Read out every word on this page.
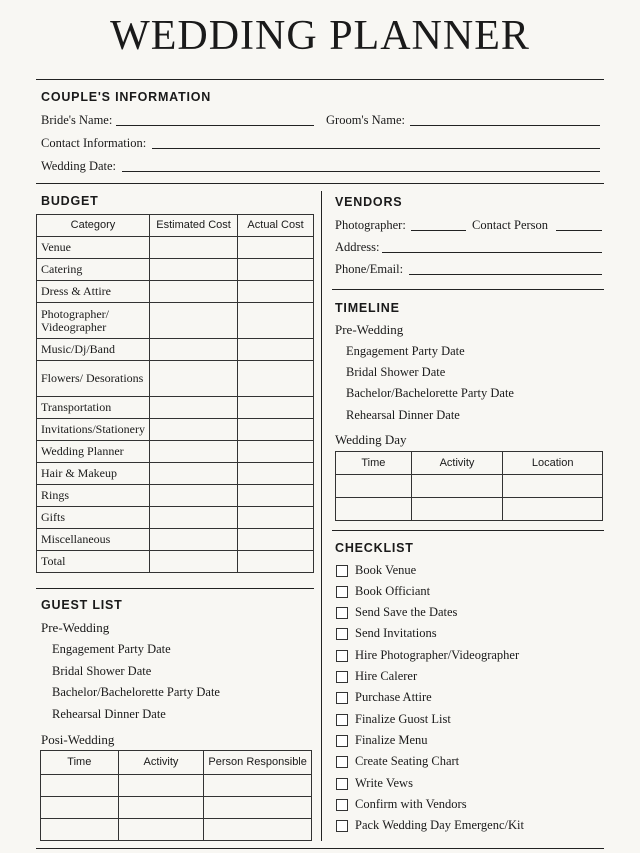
WEDDING PLANNER
COUPLE'S INFORMATION
Bride's Name:	Groom's Name:
Contact Information:
Wedding Date:
BUDGET
Category	Estimated Cost	Actual Cost
Venue		
Catering		
Dress & Attire		
Photographer/ Videographer		
Music/Dj/Band		
Flowers/ Desorations		
Transportation		
Invitations/Stationery		
Wedding Planner		
Hair & Makeup		
Rings		
Gifts		
Miscellaneous		
Total		
GUEST LIST
Pre-Wedding
Engagement Party Date
Bridal Shower Date
Bachelor/Bachelorette Party Date
Rehearsal Dinner Date
Posi-Wedding
Time	Activity	Person Responsible

VENDORS
Photographer:	Contact Person
Address:
Phone/Email:
TIMELINE
Pre-Wedding
Engagement Party Date
Bridal Shower Date
Bachelor/Bachelorette Party Date
Rehearsal Dinner Date
Wedding Day
Time	Activity	Location

CHECKLIST
Book Venue
Book Officiant
Send Save the Dates
Send Invitations
Hire Photographer/Videographer
Hire Calerer
Purchase Attire
Finalize Guost List
Finalize Menu
Create Seating Chart
Write Vews
Confirm with Vendors
Pack Wedding Day Emergenc/Kit
